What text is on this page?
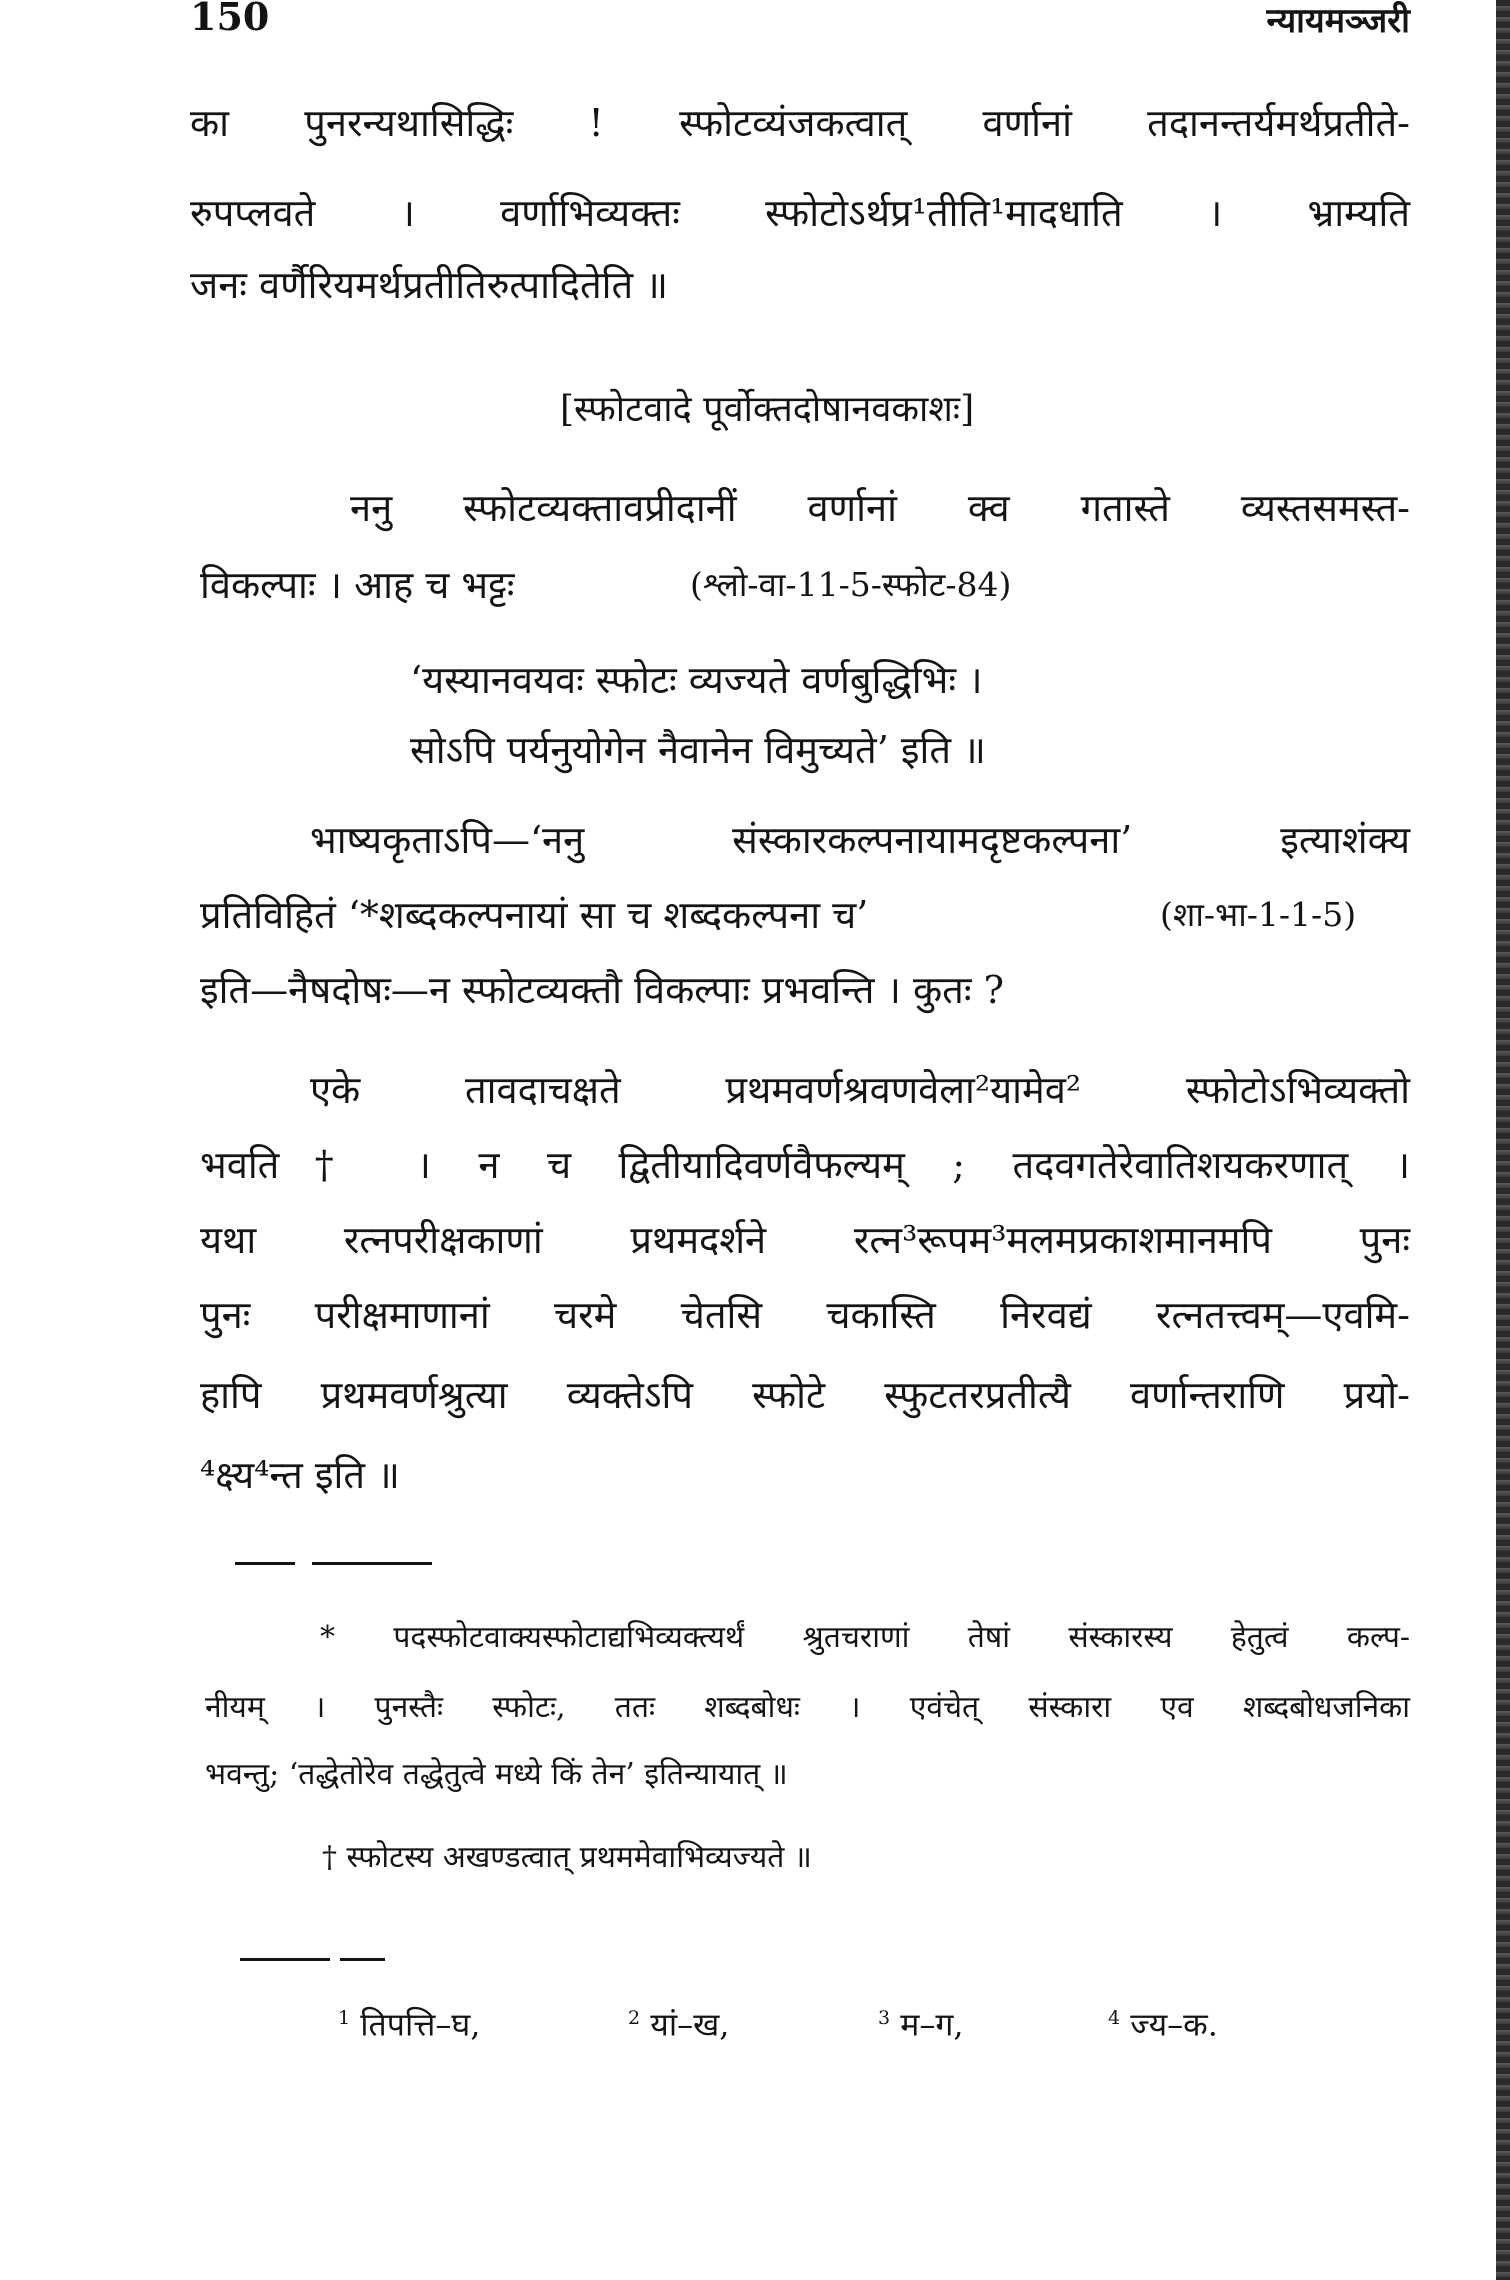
150	न्यायमञ्जरी
का पुनरन्यथासिद्धिः ! स्फोटव्यंजकत्वात् वर्णानां तदानन्तर्यमर्थप्रतीते-
रुपप्लवते । वर्णाभिव्यक्तः स्फोटोऽर्थप्र¹तीति¹मादधाति । भ्राम्यति
जनः वर्णैरियमर्थप्रतीतिरुत्पादितेति ॥
[स्फोटवादे पूर्वोक्तदोषानवकाशः]
ननु स्फोटव्यक्तावप्रीदानीं वर्णानां क्व गतास्ते व्यस्तसमस्त-
विकल्पाः । आह च भट्टः	(श्लो-वा-11-5-स्फोट-84)
‘यस्यानवयवः स्फोटः व्यज्यते वर्णबुद्धिभिः ।
सोऽपि पर्यनुयोगेन नैवानेन विमुच्यते’ इति ॥
भाष्यकृताऽपि—‘ननु संस्कारकल्पनायामदृष्टकल्पना’ इत्याशंक्य
प्रतिविहितं ‘*शब्दकल्पनायां सा च शब्दकल्पना च’	(शा-भा-1-1-5)
इति—नैषदोषः—न स्फोटव्यक्तौ विकल्पाः प्रभवन्ति । कुतः ?
एके तावदाचक्षते प्रथमवर्णश्रवणवेला²यामेव² स्फोटोऽभिव्यक्तो
भवति† । न च द्वितीयादिवर्णवैफल्यम् ; तदवगतेरेवातिशयकरणात् ।
यथा रत्नपरीक्षकाणां प्रथमदर्शने रत्न³रूपम³मलमप्रकाशमानमपि पुनः
पुनः परीक्षमाणानां चरमे चेतसि चकास्ति निरवद्यं रत्नतत्त्वम्—एवमि-
हापि प्रथमवर्णश्रुत्या व्यक्तेऽपि स्फोटे स्फुटतरप्रतीत्यै वर्णान्तराणि प्रयो-
⁴क्ष्य⁴न्त इति ॥
* पदस्फोटवाक्यस्फोटाद्यभिव्यक्त्यर्थं श्रुतचराणां तेषां संस्कारस्य हेतुत्वं कल्प-
नीयम् । पुनस्तैः स्फोटः, ततः शब्दबोधः । एवंचेत् संस्कारा एव शब्दबोधजनिका
भवन्तु; ‘तद्धेतोरेव तद्धेतुत्वे मध्ये किं तेन’ इतिन्यायात् ॥
† स्फोटस्य अखण्डत्वात् प्रथममेवाभिव्यज्यते ॥
$^1$ तिपत्ति–घ,	$^2$ यां–ख,	$^3$ म–ग,	$^4$ ज्य–क.
